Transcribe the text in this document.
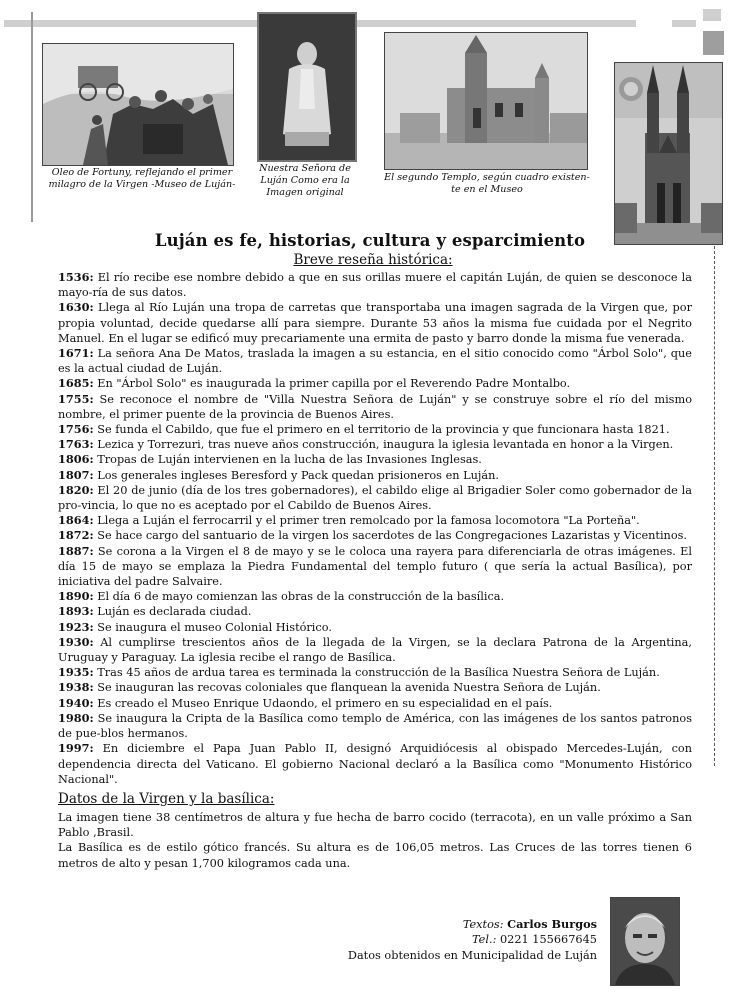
Oleo de Fortuny, reflejando el primer milagro de la Virgen -Museo de Luján-
Nuestra Señora de Luján Como era la Imagen original
El segundo Templo, según cuadro existen- te en el Museo
Luján es fe, historias, cultura y esparcimiento
Breve reseña histórica:

1536: El río recibe ese nombre debido a que en sus orillas muere el capitán Luján, de quien se desconoce la mayo-ría de sus datos.

1630: Llega al Río Luján una tropa de carretas que transportaba una imagen sagrada de la Virgen que, por propia voluntad, decide quedarse allí para siempre. Durante 53 años la misma fue cuidada por el Negrito Manuel. En el lugar se edificó muy precariamente una ermita de pasto y barro donde la misma fue venerada.

1671: La señora Ana De Matos, traslada la imagen a su estancia, en el sitio conocido como "Árbol Solo", que es la actual ciudad de Luján.

1685: En "Árbol Solo" es inaugurada la primer capilla por el Reverendo Padre Montalbo.

1755: Se reconoce el nombre de "Villa Nuestra Señora de Luján" y se construye sobre el río del mismo nombre, el primer puente de la provincia de Buenos Aires.

1756: Se funda el Cabildo, que fue el primero en el territorio de la provincia y que funcionara hasta 1821.

1763: Lezica y Torrezuri, tras nueve años construcción, inaugura la iglesia levantada en honor a la Virgen.

1806: Tropas de Luján intervienen en la lucha de las Invasiones Inglesas.

1807: Los generales ingleses Beresford y Pack quedan prisioneros en Luján.

1820: El 20 de junio (día de los tres gobernadores), el cabildo elige al Brigadier Soler como gobernador de la pro-vincia, lo que no es aceptado por el Cabildo de Buenos Aires.

1864: Llega a Luján el ferrocarril y el primer tren remolcado por la famosa locomotora "La Porteña".

1872: Se hace cargo del santuario de la virgen los sacerdotes de las Congregaciones Lazaristas y Vicentinos.

1887: Se corona a la Virgen el 8 de mayo y se le coloca una rayera para diferenciarla de otras imágenes. El día 15 de mayo se emplaza la Piedra Fundamental del templo futuro ( que sería la actual Basílica), por iniciativa del padre Salvaire.

1890: El día 6 de mayo comienzan las obras de la construcción de la basílica.

1893: Luján es declarada ciudad.

1923: Se inaugura el museo Colonial Histórico.

1930: Al cumplirse trescientos años de la llegada de la Virgen, se la declara Patrona de la Argentina, Uruguay y Paraguay. La iglesia recibe el rango de Basílica.

1935: Tras 45 años de ardua tarea es terminada la construcción de la Basílica Nuestra Señora de Luján.

1938: Se inauguran las recovas coloniales que flanquean la avenida Nuestra Señora de Luján.

1940: Es creado el Museo Enrique Udaondo, el primero en su especialidad en el país.

1980: Se inaugura la Cripta de la Basílica como templo de América, con las imágenes de los santos patronos de pue-blos hermanos.

1997: En diciembre el Papa Juan Pablo II, designó Arquidiócesis al obispado Mercedes-Luján, con dependencia directa del Vaticano. El gobierno Nacional declaró a la Basílica como "Monumento Histórico Nacional".

Datos de la Virgen y la basílica:

La imagen tiene 38 centímetros de altura y fue hecha de barro cocido (terracota), en un valle próximo a San Pablo ,Brasil.

La Basílica es de estilo gótico francés. Su altura es de 106,05 metros. Las Cruces de las torres tienen 6 metros de alto y pesan 1,700 kilogramos cada una.

Textos: Carlos Burgos
Tel.: 0221 155667645
Datos obtenidos en Municipalidad de Luján
